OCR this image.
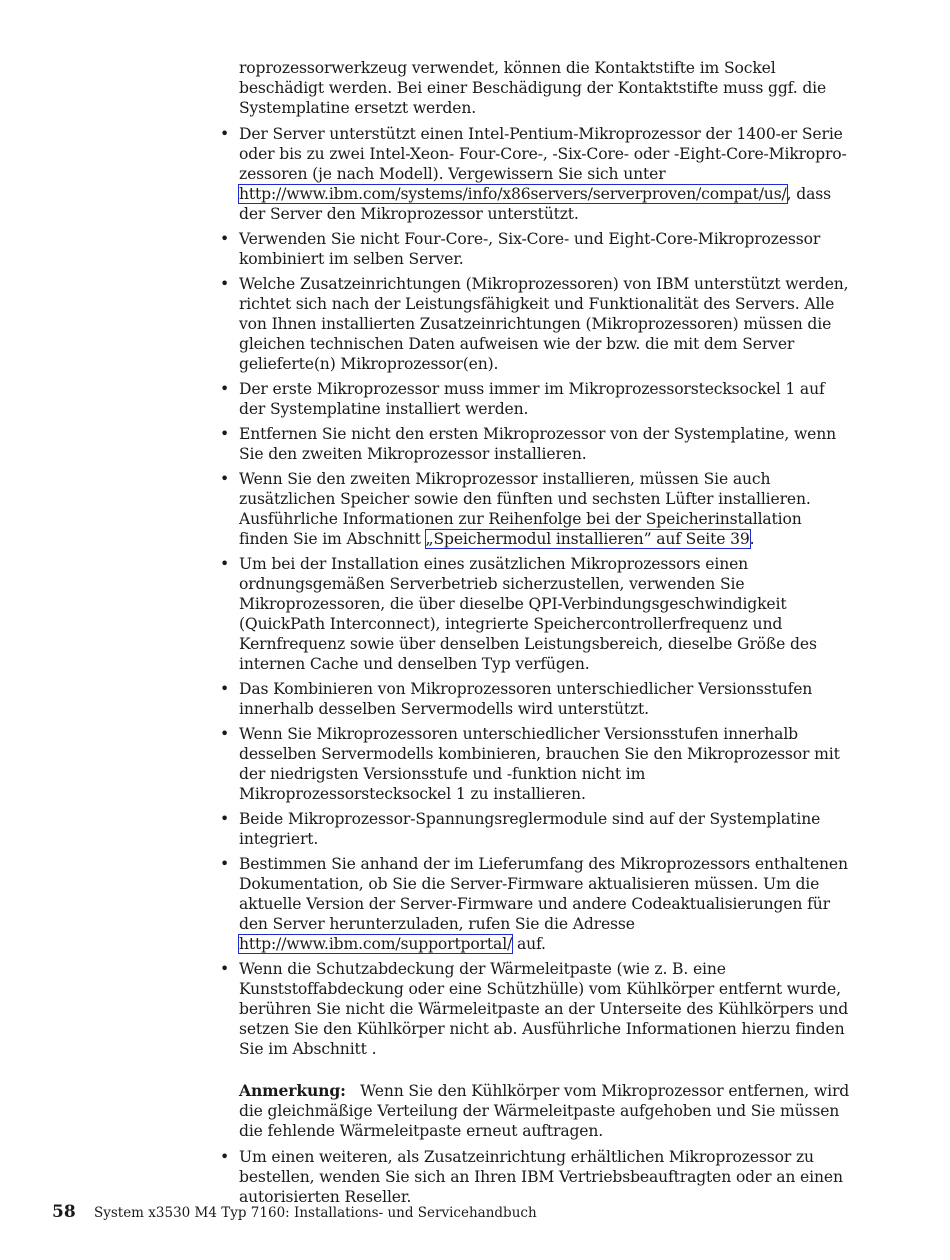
roprozessorwerkzeug verwendet, können die Kontaktstifte im Sockel beschädigt werden. Bei einer Beschädigung der Kontaktstifte muss ggf. die Systemplatine ersetzt werden.

• Der Server unterstützt einen Intel-Pentium-Mikroprozessor der 1400-er Serie oder bis zu zwei Intel-Xeon- Four-Core-, -Six-Core- oder -Eight-Core-Mikroprozessoren (je nach Modell). Vergewissern Sie sich unter http://www.ibm.com/systems/info/x86servers/serverproven/compat/us/, dass der Server den Mikroprozessor unterstützt.
• Verwenden Sie nicht Four-Core-, Six-Core- und Eight-Core-Mikroprozessor kombiniert im selben Server.
• Welche Zusatzeinrichtungen (Mikroprozessoren) von IBM unterstützt werden, richtet sich nach der Leistungsfähigkeit und Funktionalität des Servers. Alle von Ihnen installierten Zusatzeinrichtungen (Mikroprozessoren) müssen die gleichen technischen Daten aufweisen wie der bzw. die mit dem Server gelieferte(n) Mikroprozessor(en).
• Der erste Mikroprozessor muss immer im Mikroprozessorstecksockel 1 auf der Systemplatine installiert werden.
• Entfernen Sie nicht den ersten Mikroprozessor von der Systemplatine, wenn Sie den zweiten Mikroprozessor installieren.
• Wenn Sie den zweiten Mikroprozessor installieren, müssen Sie auch zusätzlichen Speicher sowie den fünften und sechsten Lüfter installieren. Ausführliche Informationen zur Reihenfolge bei der Speicherinstallation finden Sie im Abschnitt „Speichermodul installieren” auf Seite 39.
• Um bei der Installation eines zusätzlichen Mikroprozessors einen ordnungsgemäßen Serverbetrieb sicherzustellen, verwenden Sie Mikroprozessoren, die über dieselbe QPI-Verbindungsgeschwindigkeit (QuickPath Interconnect), integrierte Speichercontrollerfrequenz und Kernfrequenz sowie über denselben Leistungsbereich, dieselbe Größe des internen Cache und denselben Typ verfügen.
• Das Kombinieren von Mikroprozessoren unterschiedlicher Versionsstufen innerhalb desselben Servermodells wird unterstützt.
• Wenn Sie Mikroprozessoren unterschiedlicher Versionsstufen innerhalb desselben Servermodells kombinieren, brauchen Sie den Mikroprozessor mit der niedrigsten Versionsstufe und -funktion nicht im Mikroprozessorstecksockel 1 zu installieren.
• Beide Mikroprozessor-Spannungsreglermodule sind auf der Systemplatine integriert.
• Bestimmen Sie anhand der im Lieferumfang des Mikroprozessors enthaltenen Dokumentation, ob Sie die Server-Firmware aktualisieren müssen. Um die aktuelle Version der Server-Firmware und andere Codeaktualisierungen für den Server herunterzuladen, rufen Sie die Adresse http://www.ibm.com/supportportal/ auf.
• Wenn die Schutzabdeckung der Wärmeleitpaste (wie z. B. eine Kunststoffabdeckung oder eine Schützhülle) vom Kühlkörper entfernt wurde, berühren Sie nicht die Wärmeleitpaste an der Unterseite des Kühlkörpers und setzen Sie den Kühlkörper nicht ab. Ausführliche Informationen hierzu finden Sie im Abschnitt .

Anmerkung: Wenn Sie den Kühlkörper vom Mikroprozessor entfernen, wird die gleichmäßige Verteilung der Wärmeleitpaste aufgehoben und Sie müssen die fehlende Wärmeleitpaste erneut auftragen.

• Um einen weiteren, als Zusatzeinrichtung erhältlichen Mikroprozessor zu bestellen, wenden Sie sich an Ihren IBM Vertriebsbeauftragten oder an einen autorisierten Reseller.
58 System x3530 M4 Typ 7160: Installations- und Servicehandbuch
